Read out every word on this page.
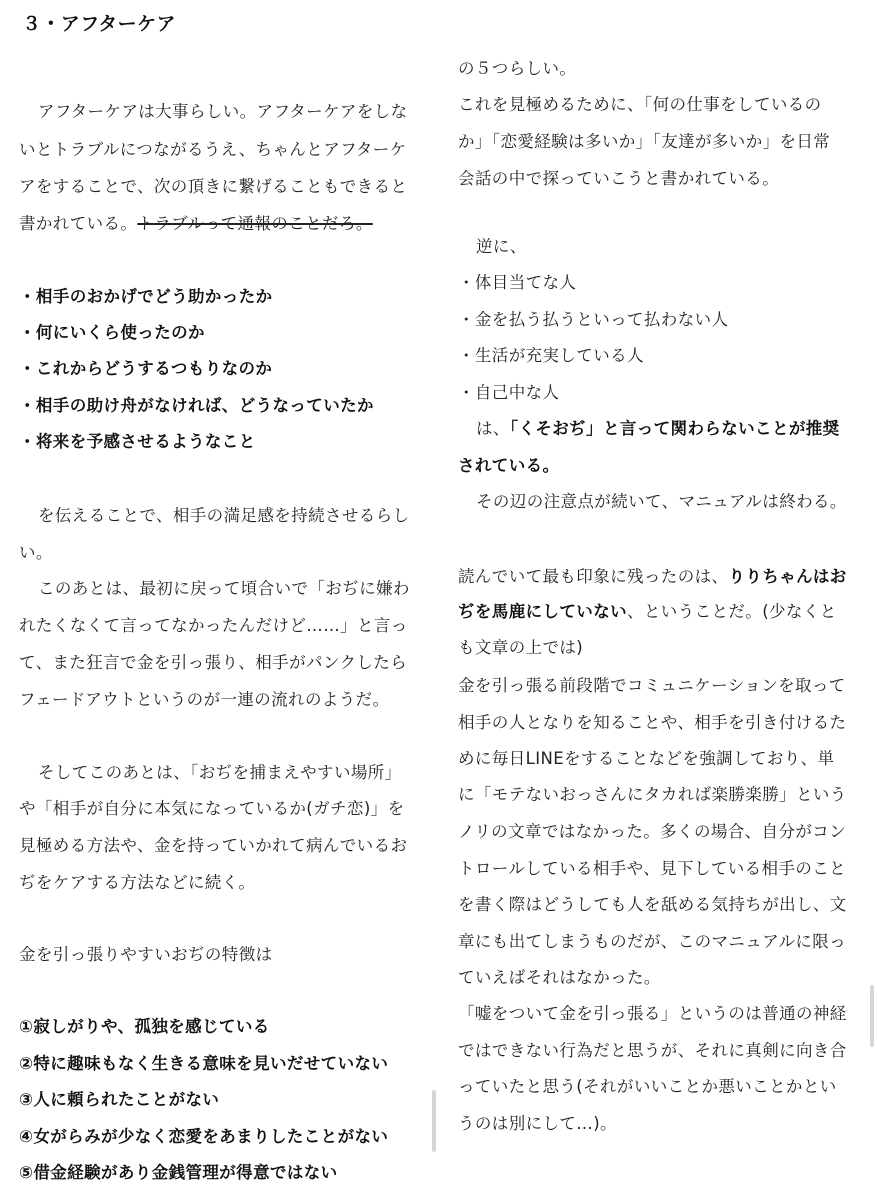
３・アフターケア
アフターケアは大事らしい。アフターケアをしな
いとトラブルにつながるうえ、ちゃんとアフターケ
アをすることで、次の頂きに繋げることもできると
書かれている。トラブルって通報のことだろ。
・相手のおかげでどう助かったか
・何にいくら使ったのか
・これからどうするつもりなのか
・相手の助け舟がなければ、どうなっていたか
・将来を予感させるようなこと
を伝えることで、相手の満足感を持続させるらし
い。
このあとは、最初に戻って頃合いで「おぢに嫌わ
れたくなくて言ってなかったんだけど……」と言っ
て、また狂言で金を引っ張り、相手がパンクしたら
フェードアウトというのが一連の流れのようだ。
そしてこのあとは、「おぢを捕まえやすい場所」
や「相手が自分に本気になっているか(ガチ恋)」を
見極める方法や、金を持っていかれて病んでいるお
ぢをケアする方法などに続く。
金を引っ張りやすいおぢの特徴は
①寂しがりや、孤独を感じている
②特に趣味もなく生きる意味を見いだせていない
③人に頼られたことがない
④女がらみが少なく恋愛をあまりしたことがない
⑤借金経験があり金銭管理が得意ではない
の５つらしい。
これを見極めるために、「何の仕事をしているの
か」「恋愛経験は多いか」「友達が多いか」を日常
会話の中で探っていこうと書かれている。
逆に、
・体目当てな人
・金を払う払うといって払わない人
・生活が充実している人
・自己中な人
は、「くそおぢ」と言って関わらないことが推奨
されている。
その辺の注意点が続いて、マニュアルは終わる。
読んでいて最も印象に残ったのは、りりちゃんはお
ぢを馬鹿にしていない、ということだ。(少なくと
も文章の上では)
金を引っ張る前段階でコミュニケーションを取って
相手の人となりを知ることや、相手を引き付けるた
めに毎日LINEをすることなどを強調しており、単
に「モテないおっさんにタカれば楽勝楽勝」という
ノリの文章ではなかった。多くの場合、自分がコン
トロールしている相手や、見下している相手のこと
を書く際はどうしても人を舐める気持ちが出し、文
章にも出てしまうものだが、このマニュアルに限っ
ていえばそれはなかった。
「嘘をついて金を引っ張る」というのは普通の神経
ではできない行為だと思うが、それに真剣に向き合
っていたと思う(それがいいことか悪いことかとい
うのは別にして…)。
